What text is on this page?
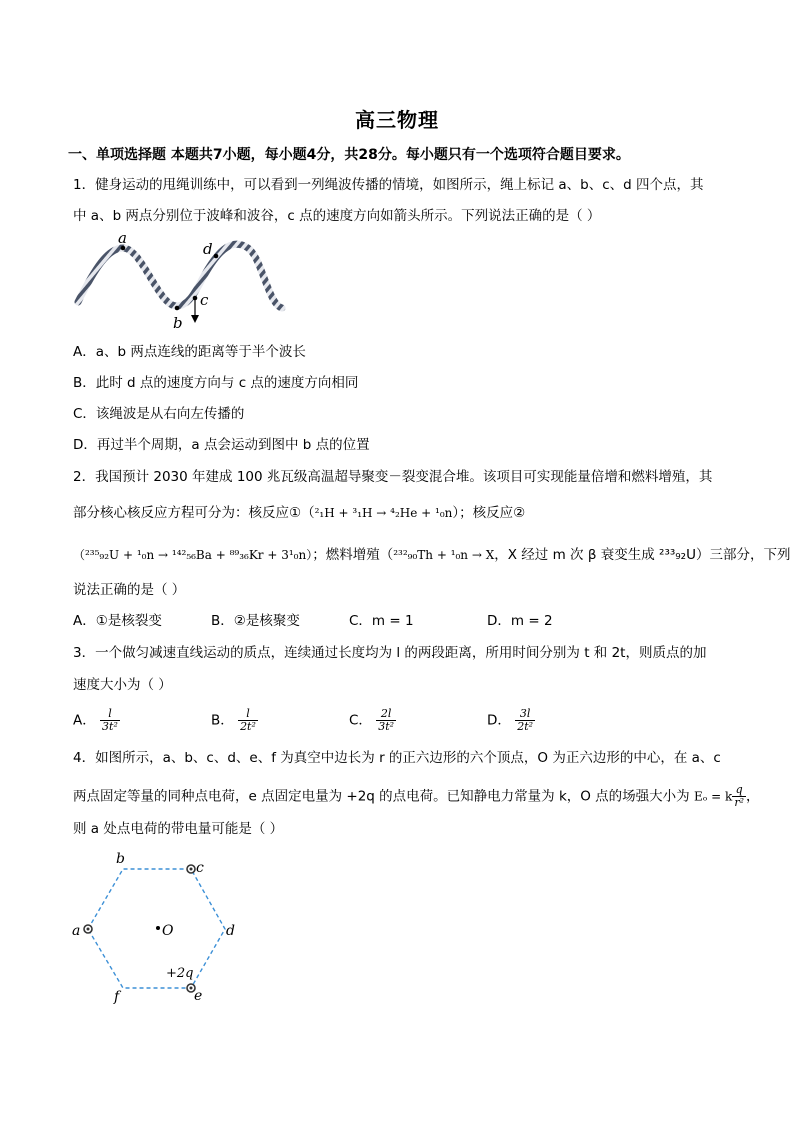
高三物理
一、单项选择题 本题共7小题，每小题4分，共28分。每小题只有一个选项符合题目要求。
1．健身运动的甩绳训练中，可以看到一列绳波传播的情境，如图所示，绳上标记 a、b、c、d 四个点，其
中 a、b 两点分别位于波峰和波谷，c 点的速度方向如箭头所示。下列说法正确的是（ ）
a
b
c
d
A．a、b 两点连线的距离等于半个波长
B．此时 d 点的速度方向与 c 点的速度方向相同
C．该绳波是从右向左传播的
D．再过半个周期，a 点会运动到图中 b 点的位置
2．我国预计 2030 年建成 100 兆瓦级高温超导聚变－裂变混合堆。该项目可实现能量倍增和燃料增殖，其
部分核心核反应方程可分为：核反应①（²₁H + ³₁H → ⁴₂He + ¹₀n）；核反应②
（²³⁵₉₂U + ¹₀n → ¹⁴²₅₆Ba + ⁸⁹₃₆Kr + 3¹₀n）；燃料增殖（²³²₉₀Th + ¹₀n → X，X 经过 m 次 β 衰变生成 ²³³₉₂U）三部分，下列
说法正确的是（ ）
A．①是核裂变	B．②是核聚变	C．m = 1	D．m = 2
3．一个做匀减速直线运动的质点，连续通过长度均为 l 的两段距离，所用时间分别为 t 和 2t，则质点的加
速度大小为（ ）
A． $\frac{l}{\text{3t²}}$	B． $\frac{l}{\text{2t²}}$	C． $\frac{2l}{\text{3t²}}$	D． $\frac{3l}{\text{2t²}}$
4．如图所示，a、b、c、d、e、f 为真空中边长为 r 的正六边形的六个顶点，O 为正六边形的中心，在 a、c
两点固定等量的同种点电荷，e 点固定电量为 +2q 的点电荷。已知静电力常量为 k，O 点的场强大小为 Eₒ = k $\frac{q}{\text{r²}}$ ，
则 a 处点电荷的带电量可能是（ ）
a
b
c
d
e
f
O
+2q
